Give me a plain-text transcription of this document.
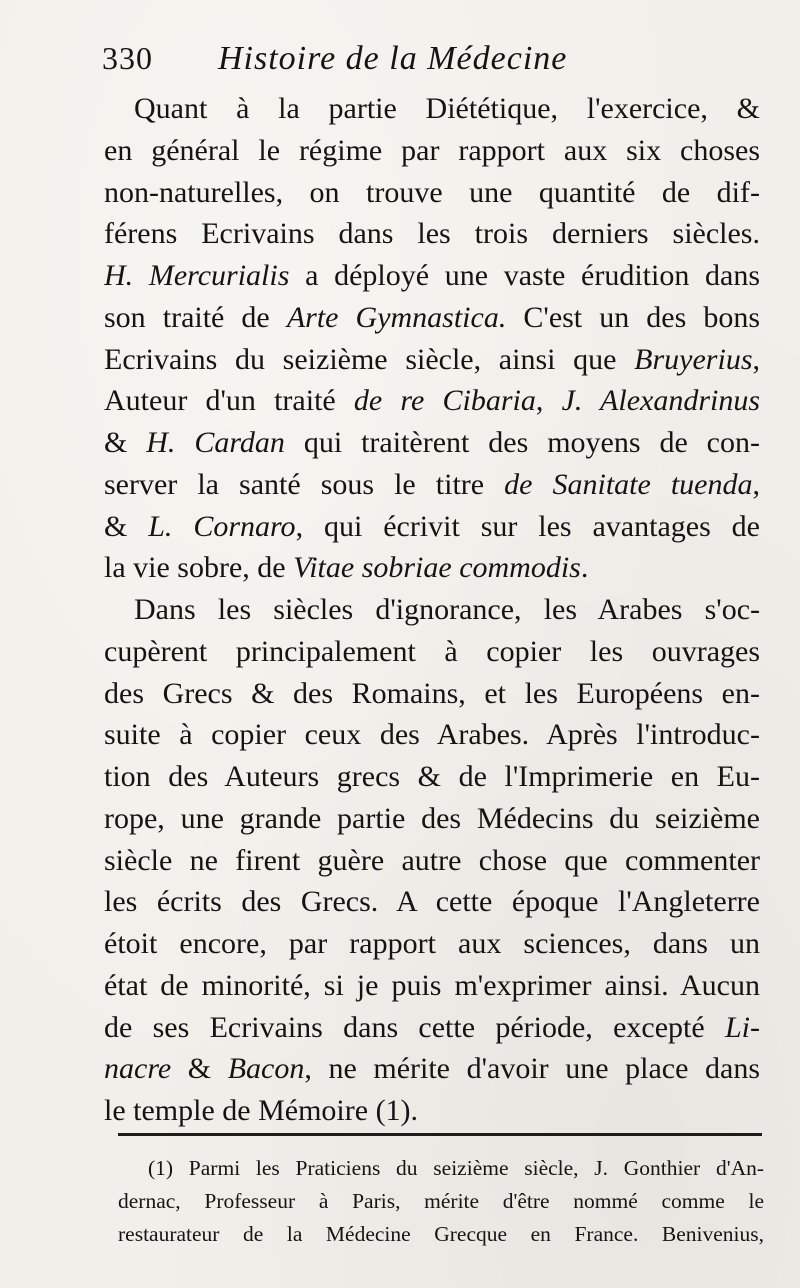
330 Histoire de la Médecine
Quant à la partie Diététique, l'exercice, &
en général le régime par rapport aux six choses
non-naturelles, on trouve une quantité de dif-
férens Ecrivains dans les trois derniers siècles.
H. Mercurialis a déployé une vaste érudition dans
son traité de Arte Gymnastica. C'est un des bons
Ecrivains du seizième siècle, ainsi que Bruyerius,
Auteur d'un traité de re Cibaria, J. Alexandrinus
& H. Cardan qui traitèrent des moyens de con-
server la santé sous le titre de Sanitate tuenda,
& L. Cornaro, qui écrivit sur les avantages de
la vie sobre, de Vitae sobriae commodis.
Dans les siècles d'ignorance, les Arabes s'oc-
cupèrent principalement à copier les ouvrages
des Grecs & des Romains, et les Européens en-
suite à copier ceux des Arabes. Après l'introduc-
tion des Auteurs grecs & de l'Imprimerie en Eu-
rope, une grande partie des Médecins du seizième
siècle ne firent guère autre chose que commenter
les écrits des Grecs. A cette époque l'Angleterre
étoit encore, par rapport aux sciences, dans un
état de minorité, si je puis m'exprimer ainsi. Aucun
de ses Ecrivains dans cette période, excepté Li-
nacre & Bacon, ne mérite d'avoir une place dans
le temple de Mémoire (1).
(1) Parmi les Praticiens du seizième siècle, J. Gonthier d'An-
dernac, Professeur à Paris, mérite d'être nommé comme le
restaurateur de la Médecine Grecque en France. Benivenius,
